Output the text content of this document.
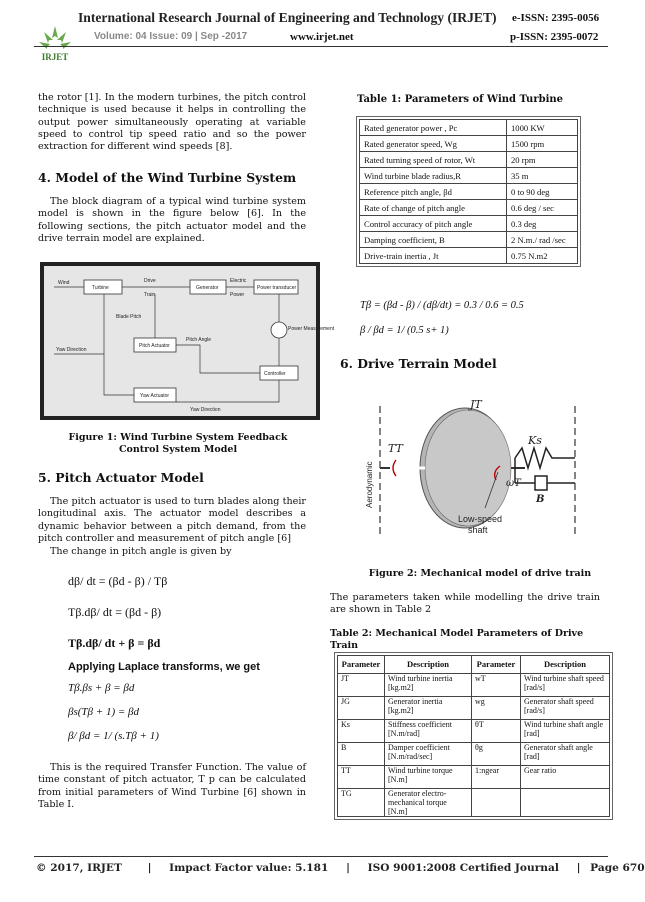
IRJET
International Research Journal of Engineering and Technology (IRJET) e-ISSN: 2395-0056
Volume: 04 Issue: 09 | Sep -2017	www.irjet.net	p-ISSN: 2395-0072

the rotor [1]. In the modern turbines, the pitch control technique is used because it helps in controlling the output power simultaneously operating at variable speed to control tip speed ratio and so the power extraction for different wind speeds [8].

4. Model of the Wind Turbine System

The block diagram of a typical wind turbine system model is shown in the figure below [6]. In the following sections, the pitch actuator model and the drive terrain model are explained.

Wind
Turbine
Drive
Train
Generator
Electric
Power
Power transducer
Blade Pitch
Yaw Direction
Pitch Actuator
Pitch Angle
Power Measurement
Controller
Yaw Actuator
Yaw Direction

Figure 1: Wind Turbine System Feedback Control System Model

5. Pitch Actuator Model

The pitch actuator is used to turn blades along their longitudinal axis. The actuator model describes a dynamic behavior between a pitch demand, from the pitch controller and measurement of pitch angle [6]

The change in pitch angle is given by

dβ/ dt = (βd - β) / Tβ
Tβ.dβ/ dt = (βd - β)
Tβ.dβ/ dt + β = βd
Applying Laplace transforms, we get
Tβ.βs + β = βd
βs(Tβ + 1) = βd
β/ βd = 1/ (s.Tβ + 1)

This is the required Transfer Function. The value of time constant of pitch actuator, T p can be calculated from initial parameters of Wind Turbine [6] shown in Table I.

Table 1: Parameters of Wind Turbine

Rated generator power , Pc	1000 KW
Rated generator speed, Wg	1500 rpm
Rated turning speed of rotor, Wt	20 rpm
Wind turbine blade radius,R	35 m
Reference pitch angle, βd	0 to 90 deg
Rate of change of pitch angle	0.6 deg / sec
Control accuracy of pitch angle	0.3 deg
Damping coefficient, B	2 N.m./ rad /sec
Drive-train inertia , Jt	0.75 N.m2
Tβ = (βd - β) / (dβ/dt) = 0.3 / 0.6 = 0.5
β / βd = 1/ (0.5 s+ 1)
6. Drive Terrain Model
JT
TT
Aerodynamic
Ks
ωT
B
Low-speed
shaft

Figure 2: Mechanical model of drive train

The parameters taken while modelling the drive train are shown in Table 2

Table 2: Mechanical Model Parameters of Drive Train

Parameter	Description	Parameter	Description
JT	Wind turbine inertia [kg.m2]	wT	Wind turbine shaft speed [rad/s]
JG	Generator inertia [kg.m2]	wg	Generator shaft speed [rad/s]
Ks	Stiffness coefficient [N.m/rad]	θT	Wind turbine shaft angle [rad]
B	Damper coefficient [N.m/rad/sec]	θg	Generator shaft angle [rad]
TT	Wind turbine torque [N.m]	1:ngear	Gear ratio
TG	Generator electro-mechanical torque [N.m]		
© 2017, IRJET | Impact Factor value: 5.181 | ISO 9001:2008 Certified Journal | Page 670
